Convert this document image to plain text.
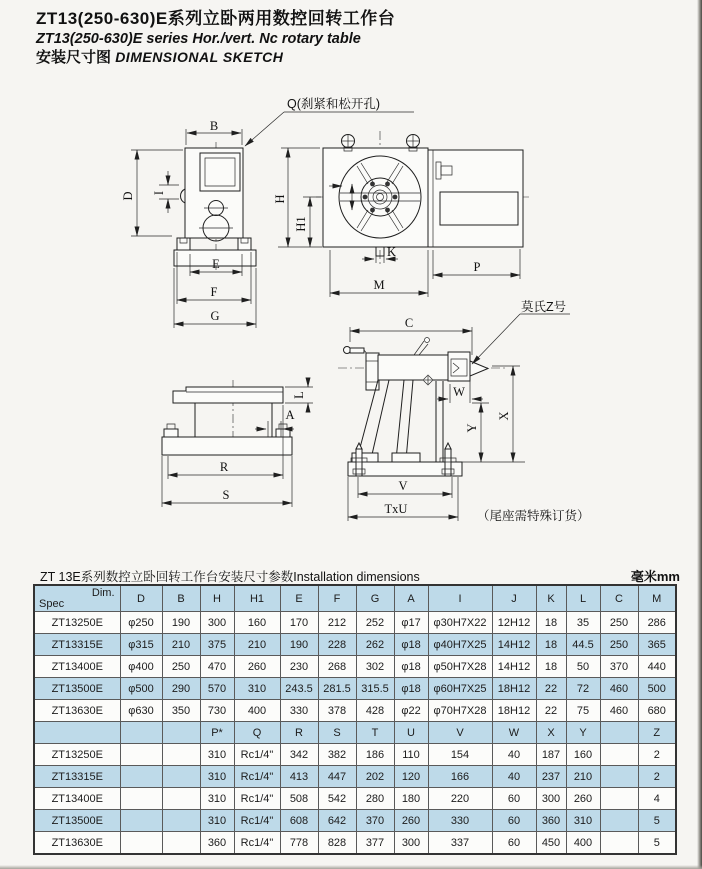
ZT13(250-630)E系列立卧两用数控回转工作台
ZT13(250-630)E series Hor./vert. Nc rotary table
安装尺寸图 DIMENSIONAL SKETCH
B
D I
E
F
G
Q(刹紧和松开孔)
K
P
M
H
H1
R
S
L
A
C
莫氏Z号
W
Y
X
V
TxU	（尾座需特殊订货）
ZT 13E系列数控立卧回转工作台安装尺寸参数Installation dimensions	毫米mm
Dim.
Spec	D	B	H	H1	E	F	G	A	I	J	K	L	C	M
ZT13250E	φ250	190	300	160	170	212	252	φ17	φ30H7X22	12H12	18	35	250	286
ZT13315E	φ315	210	375	210	190	228	262	φ18	φ40H7X25	14H12	18	44.5	250	365
ZT13400E	φ400	250	470	260	230	268	302	φ18	φ50H7X28	14H12	18	50	370	440
ZT13500E	φ500	290	570	310	243.5	281.5	315.5	φ18	φ60H7X25	18H12	22	72	460	500
ZT13630E	φ630	350	730	400	330	378	428	φ22	φ70H7X28	18H12	22	75	460	680
			P*	Q	R	S	T	U	V	W	X	Y		Z
ZT13250E			310	Rc1/4"	342	382	186	110	154	40	187	160		2
ZT13315E			310	Rc1/4"	413	447	202	120	166	40	237	210		2
ZT13400E			310	Rc1/4"	508	542	280	180	220	60	300	260		4
ZT13500E			310	Rc1/4"	608	642	370	260	330	60	360	310		5
ZT13630E			360	Rc1/4"	778	828	377	300	337	60	450	400		5
